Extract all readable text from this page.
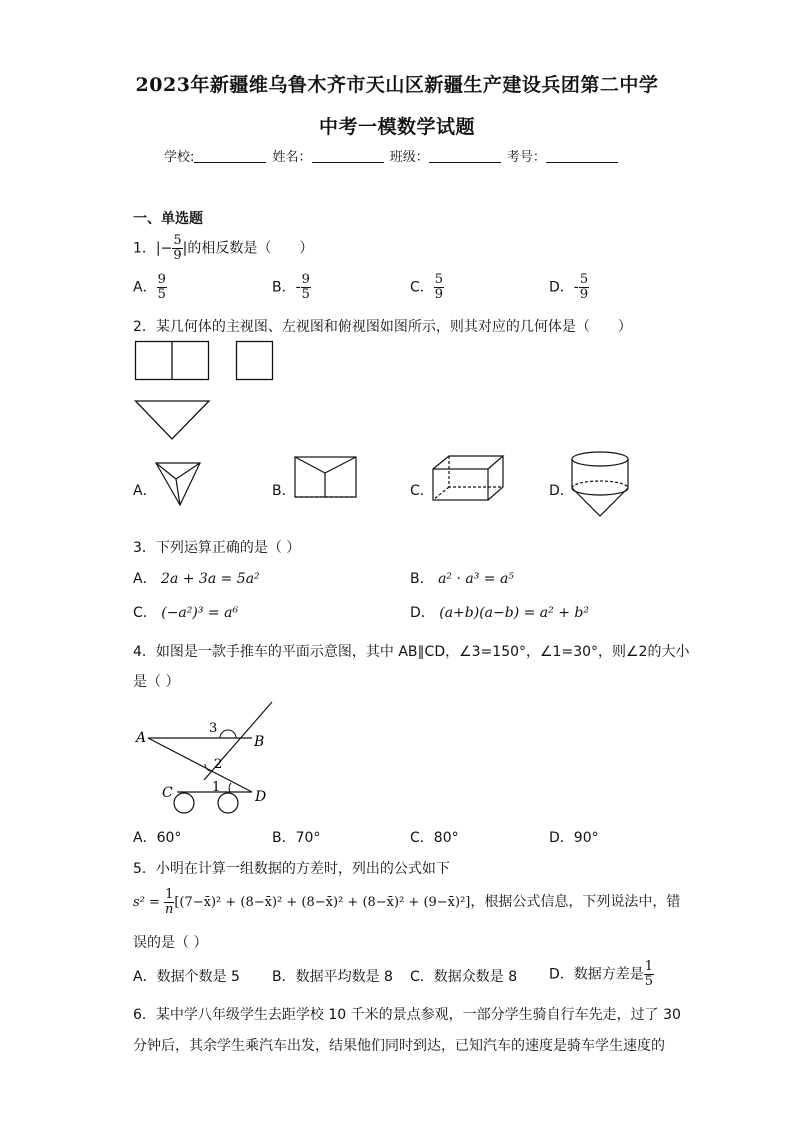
2023年新疆维乌鲁木齐市天山区新疆生产建设兵团第二中学
中考一模数学试题
学校:	姓名：	班级：	考号：
一、单选题
1．|− $\frac{5}{9}$ |的相反数是（　　）
A． $\frac{9}{5}$	B．- $\frac{9}{5}$	C． $\frac{5}{9}$	D．- $\frac{5}{9}$
2．某几何体的主视图、左视图和俯视图如图所示，则其对应的几何体是（　　）
A．	B．	C．	D．
3．下列运算正确的是（ ）
A． 2a + 3a = 5a²	B． a² · a³ = a⁵
C． (−a²)³ = a⁶	D． (a+b)(a−b) = a² + b²
4．如图是一款手推车的平面示意图，其中 AB∥CD，∠3=150°，∠1=30°，则∠2的大小
是（ ）
A	B
C	D
3
2
1
A．60°	B．70°	C．80°	D．90°
5．小明在计算一组数据的方差时，列出的公式如下
$s^2 = \frac{1}{n}$ [(7−x̄)² + (8−x̄)² + (8−x̄)² + (8−x̄)² + (9−x̄)²]，根据公式信息，下列说法中，错
误的是（ ）
A．数据个数是 5 B．数据平均数是 8 C．数据众数是 8 D．数据方差是 $\frac{1}{5}$
6．某中学八年级学生去距学校 10 千米的景点参观，一部分学生骑自行车先走，过了 30
分钟后，其余学生乘汽车出发，结果他们同时到达，已知汽车的速度是骑车学生速度的
